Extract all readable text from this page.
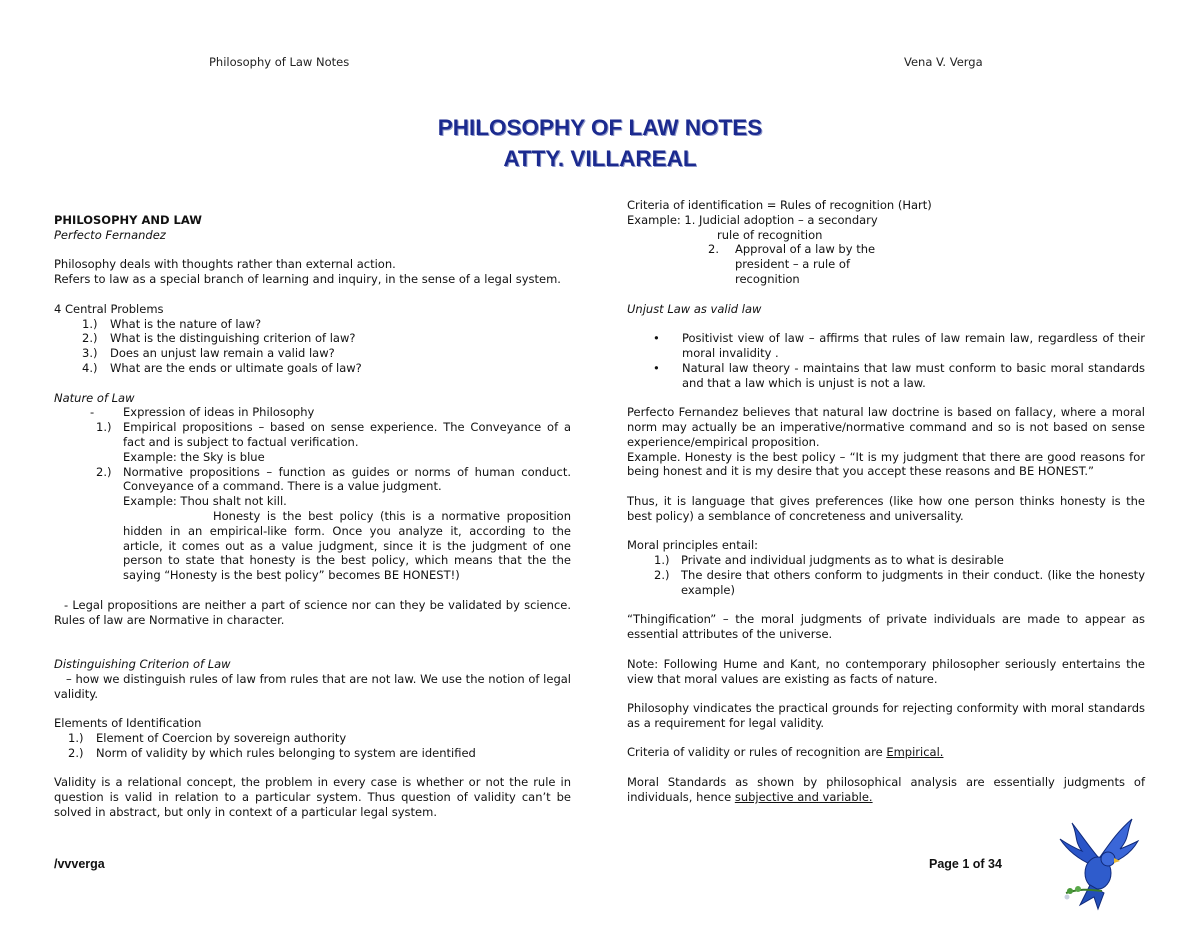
Philosophy of Law Notes	Vena V. Verga
PHILOSOPHY OF LAW NOTES
ATTY. VILLAREAL
PHILOSOPHY AND LAW
Perfecto Fernandez
Philosophy deals with thoughts rather than external action.
Refers to law as a special branch of learning and inquiry, in the sense of a legal system.
4 Central Problems
1.)	What is the nature of law?
2.)	What is the distinguishing criterion of law?
3.)	Does an unjust law remain a valid law?
4.)	What are the ends or ultimate goals of law?
Nature of Law
-	Expression of ideas in Philosophy
1.)	Empirical propositions – based on sense experience. The Conveyance of a fact and is subject to factual verification.
Example: the Sky is blue
2.)	Normative propositions – function as guides or norms of human conduct. Conveyance of a command. There is a value judgment.
Example: Thou shalt not kill.
Honesty is the best policy (this is a normative proposition hidden in an empirical-like form. Once you analyze it, according to the article, it comes out as a value judgment, since it is the judgment of one person to state that honesty is the best policy, which means that the the saying “Honesty is the best policy” becomes BE HONEST!)
- Legal propositions are neither a part of science nor can they be validated by science. Rules of law are Normative in character.
Distinguishing Criterion of Law
– how we distinguish rules of law from rules that are not law. We use the notion of legal validity.
Elements of Identification
1.)	Element of Coercion by sovereign authority
2.)	Norm of validity by which rules belonging to system are identified
Validity is a relational concept, the problem in every case is whether or not the rule in question is valid in relation to a particular system. Thus question of validity can’t be solved in abstract, but only in context of a particular legal system.
Criteria of identification = Rules of recognition (Hart)
Example: 1. Judicial adoption – a secondary
rule of recognition
2.	Approval of a law by the
president – a rule of
recognition
Unjust Law as valid law
•	Positivist view of law – affirms that rules of law remain law, regardless of their moral invalidity .
•	Natural law theory - maintains that law must conform to basic moral standards and that a law which is unjust is not a law.
Perfecto Fernandez believes that natural law doctrine is based on fallacy, where a moral norm may actually be an imperative/normative command and so is not based on sense experience/empirical proposition.
Example. Honesty is the best policy – “It is my judgment that there are good reasons for being honest and it is my desire that you accept these reasons and BE HONEST.”
Thus, it is language that gives preferences (like how one person thinks honesty is the best policy) a semblance of concreteness and universality.
Moral principles entail:
1.)	Private and individual judgments as to what is desirable
2.)	The desire that others conform to judgments in their conduct. (like the honesty example)
“Thingification” – the moral judgments of private individuals are made to appear as essential attributes of the universe.
Note: Following Hume and Kant, no contemporary philosopher seriously entertains the view that moral values are existing as facts of nature.
Philosophy vindicates the practical grounds for rejecting conformity with moral standards as a requirement for legal validity.
Criteria of validity or rules of recognition are Empirical.
Moral Standards as shown by philosophical analysis are essentially judgments of individuals, hence subjective and variable.
/vvverga	Page 1 of 34
